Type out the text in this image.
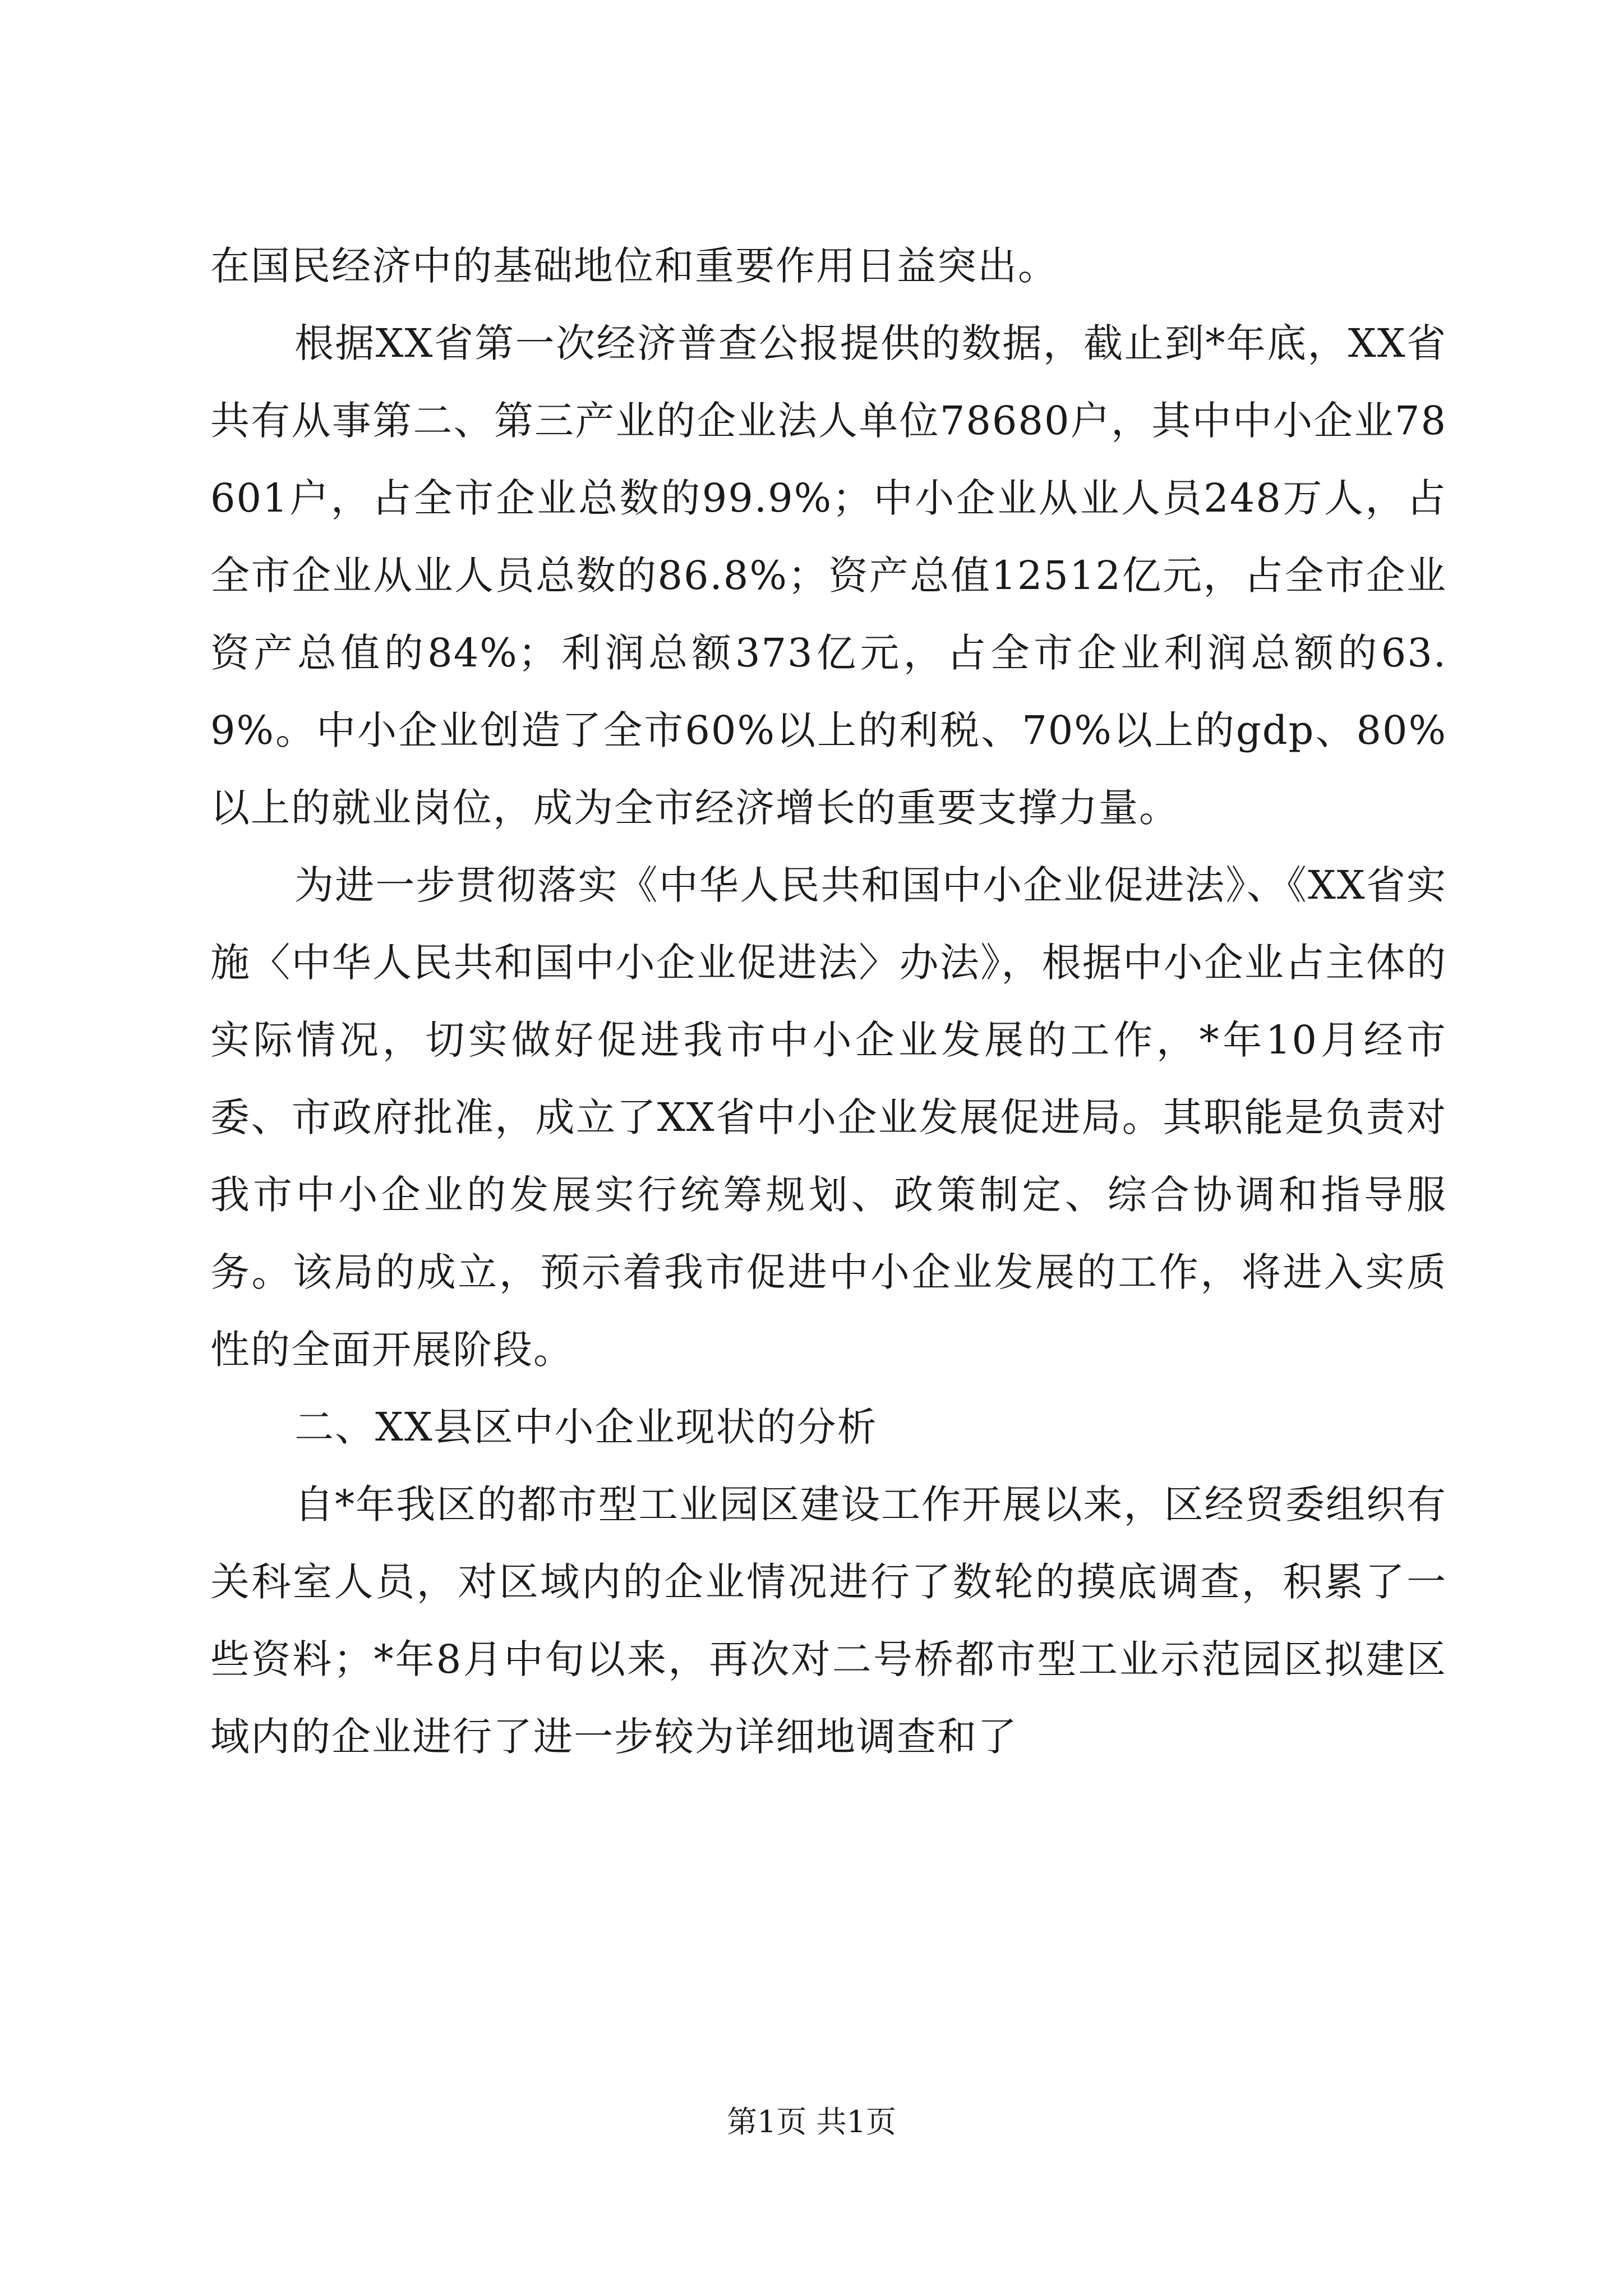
在国民经济中的基础地位和重要作用日益突出。

根据XX省第一次经济普查公报提供的数据，截止到*年底，XX省共有从事第二、第三产业的企业法人单位78680户，其中中小企业78601户，占全市企业总数的99.9%；中小企业从业人员248万人，占全市企业从业人员总数的86.8%；资产总值12512亿元，占全市企业资产总值的84%；利润总额373亿元，占全市企业利润总额的63.9%。中小企业创造了全市60%以上的利税、70%以上的gdp、80%以上的就业岗位，成为全市经济增长的重要支撑力量。

为进一步贯彻落实《中华人民共和国中小企业促进法》、《XX省实施〈中华人民共和国中小企业促进法〉办法》，根据中小企业占主体的实际情况，切实做好促进我市中小企业发展的工作，*年10月经市委、市政府批准，成立了XX省中小企业发展促进局。其职能是负责对我市中小企业的发展实行统筹规划、政策制定、综合协调和指导服务。该局的成立，预示着我市促进中小企业发展的工作，将进入实质性的全面开展阶段。

二、XX县区中小企业现状的分析

自*年我区的都市型工业园区建设工作开展以来，区经贸委组织有关科室人员，对区域内的企业情况进行了数轮的摸底调查，积累了一些资料；*年8月中旬以来，再次对二号桥都市型工业示范园区拟建区域内的企业进行了进一步较为详细地调查和了

第1页 共1页
